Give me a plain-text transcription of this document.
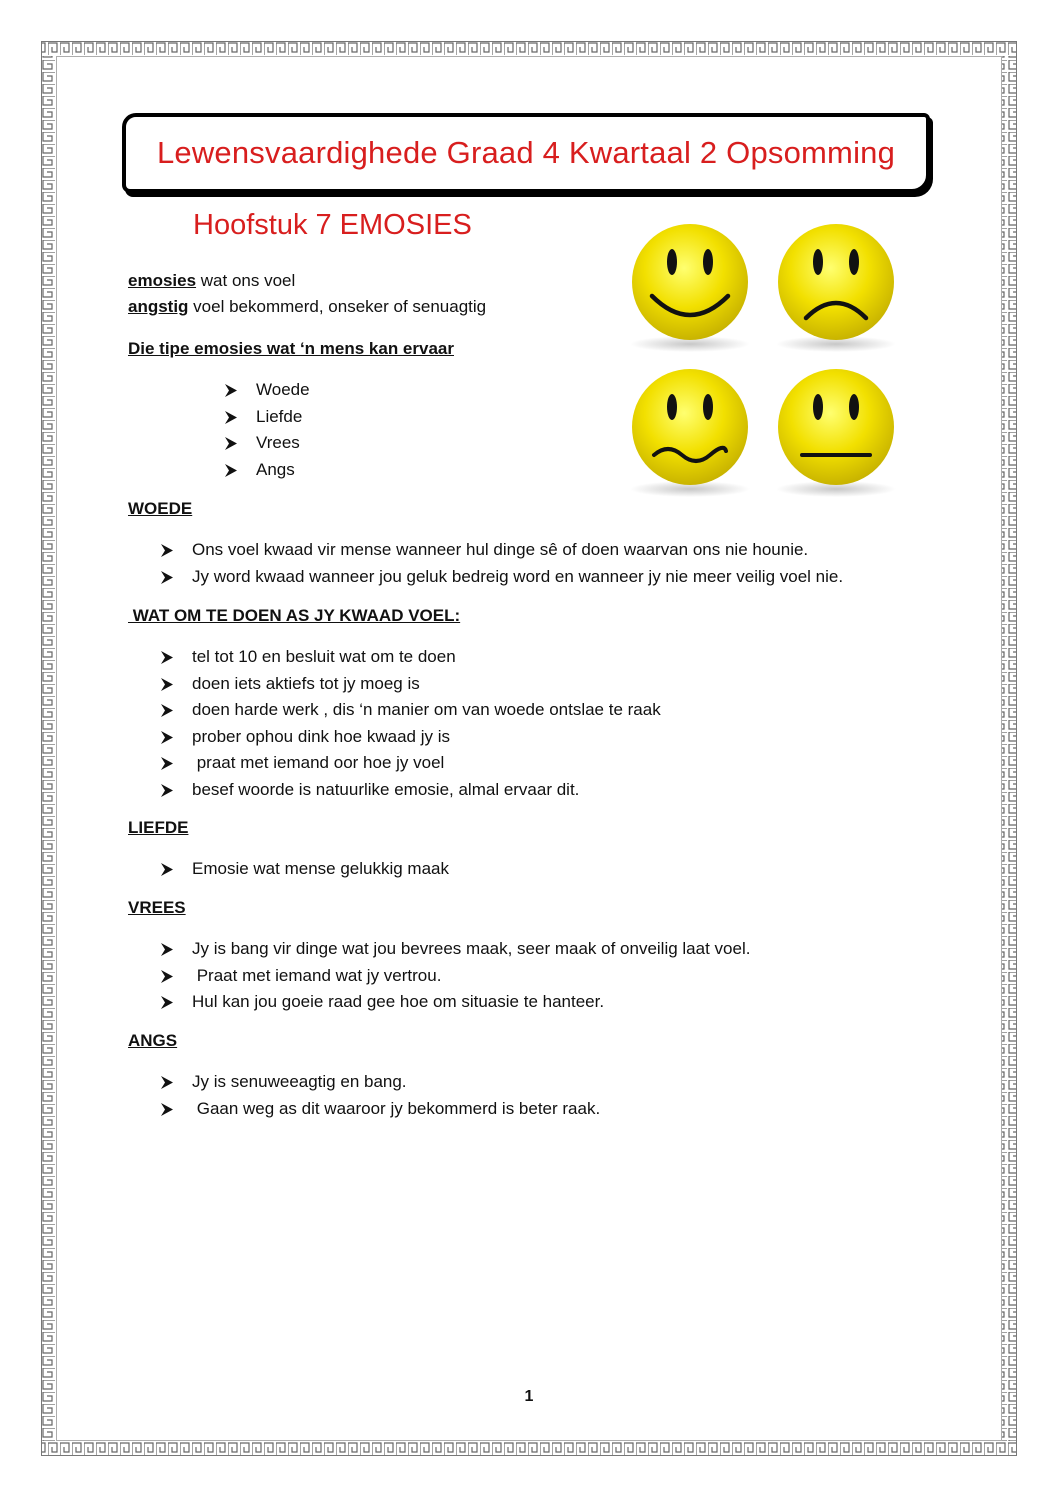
Lewensvaardighede Graad 4 Kwartaal 2 Opsomming
Hoofstuk 7 EMOSIES

emosies wat ons voel

angstig voel bekommerd, onseker of senuagtig

Die tipe emosies wat ‘n mens kan ervaar

Woede
Liefde
Vrees
Angs

WOEDE

Ons voel kwaad vir mense wanneer hul dinge sê of doen waarvan ons nie hounie.
Jy word kwaad wanneer jou geluk bedreig word en wanneer jy nie meer veilig voel nie.

WAT OM TE DOEN AS JY KWAAD VOEL:

tel tot 10 en besluit wat om te doen
doen iets aktiefs tot jy moeg is
doen harde werk , dis ‘n manier om van woede ontslae te raak
prober ophou dink hoe kwaad jy is
praat met iemand oor hoe jy voel
besef woorde is natuurlike emosie, almal ervaar dit.

LIEFDE

Emosie wat mense gelukkig maak

VREES

Jy is bang vir dinge wat jou bevrees maak, seer maak of onveilig laat voel.
Praat met iemand wat jy vertrou.
Hul kan jou goeie raad gee hoe om situasie te hanteer.

ANGS

Jy is senuweeagtig en bang.
Gaan weg as dit waaroor jy bekommerd is beter raak.

1
